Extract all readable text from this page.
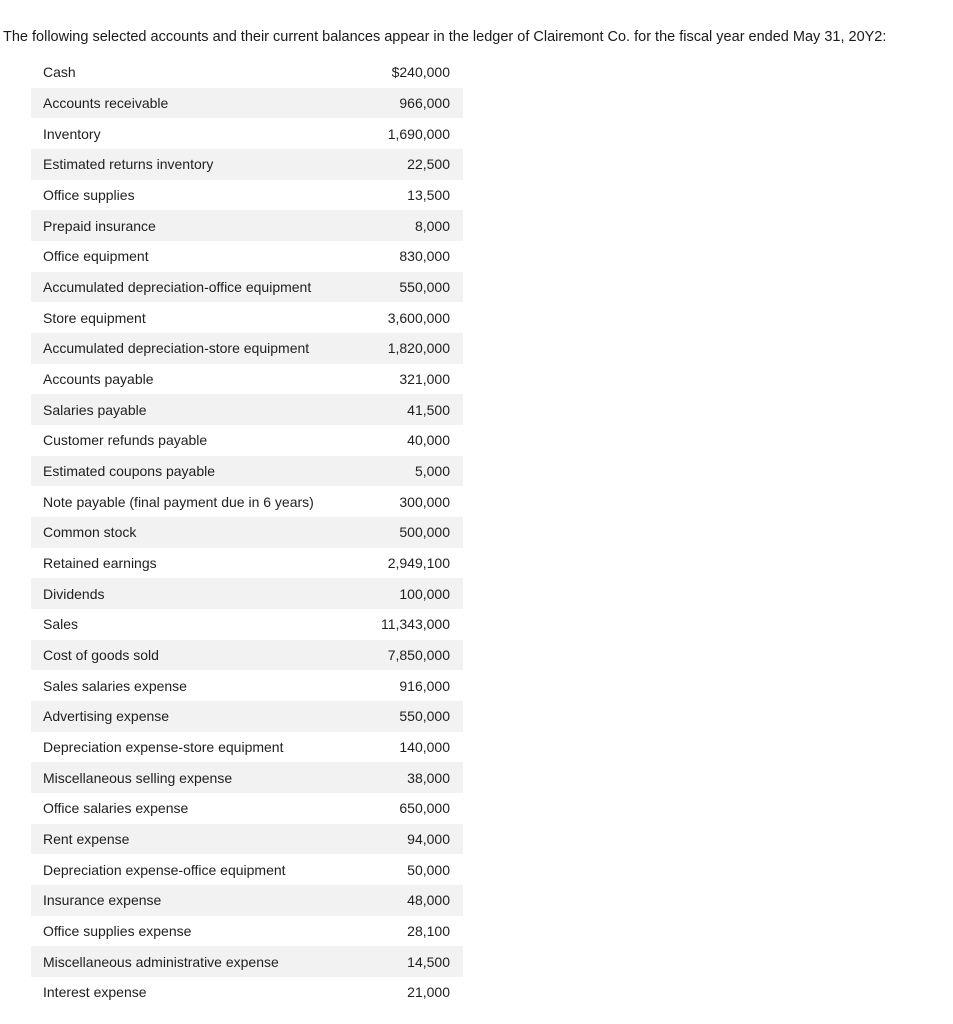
The following selected accounts and their current balances appear in the ledger of Clairemont Co. for the fiscal year ended May 31, 20Y2:

Cash	$240,000
Accounts receivable	966,000
Inventory	1,690,000
Estimated returns inventory	22,500
Office supplies	13,500
Prepaid insurance	8,000
Office equipment	830,000
Accumulated depreciation-office equipment	550,000
Store equipment	3,600,000
Accumulated depreciation-store equipment	1,820,000
Accounts payable	321,000
Salaries payable	41,500
Customer refunds payable	40,000
Estimated coupons payable	5,000
Note payable (final payment due in 6 years)	300,000
Common stock	500,000
Retained earnings	2,949,100
Dividends	100,000
Sales	11,343,000
Cost of goods sold	7,850,000
Sales salaries expense	916,000
Advertising expense	550,000
Depreciation expense-store equipment	140,000
Miscellaneous selling expense	38,000
Office salaries expense	650,000
Rent expense	94,000
Depreciation expense-office equipment	50,000
Insurance expense	48,000
Office supplies expense	28,100
Miscellaneous administrative expense	14,500
Interest expense	21,000
